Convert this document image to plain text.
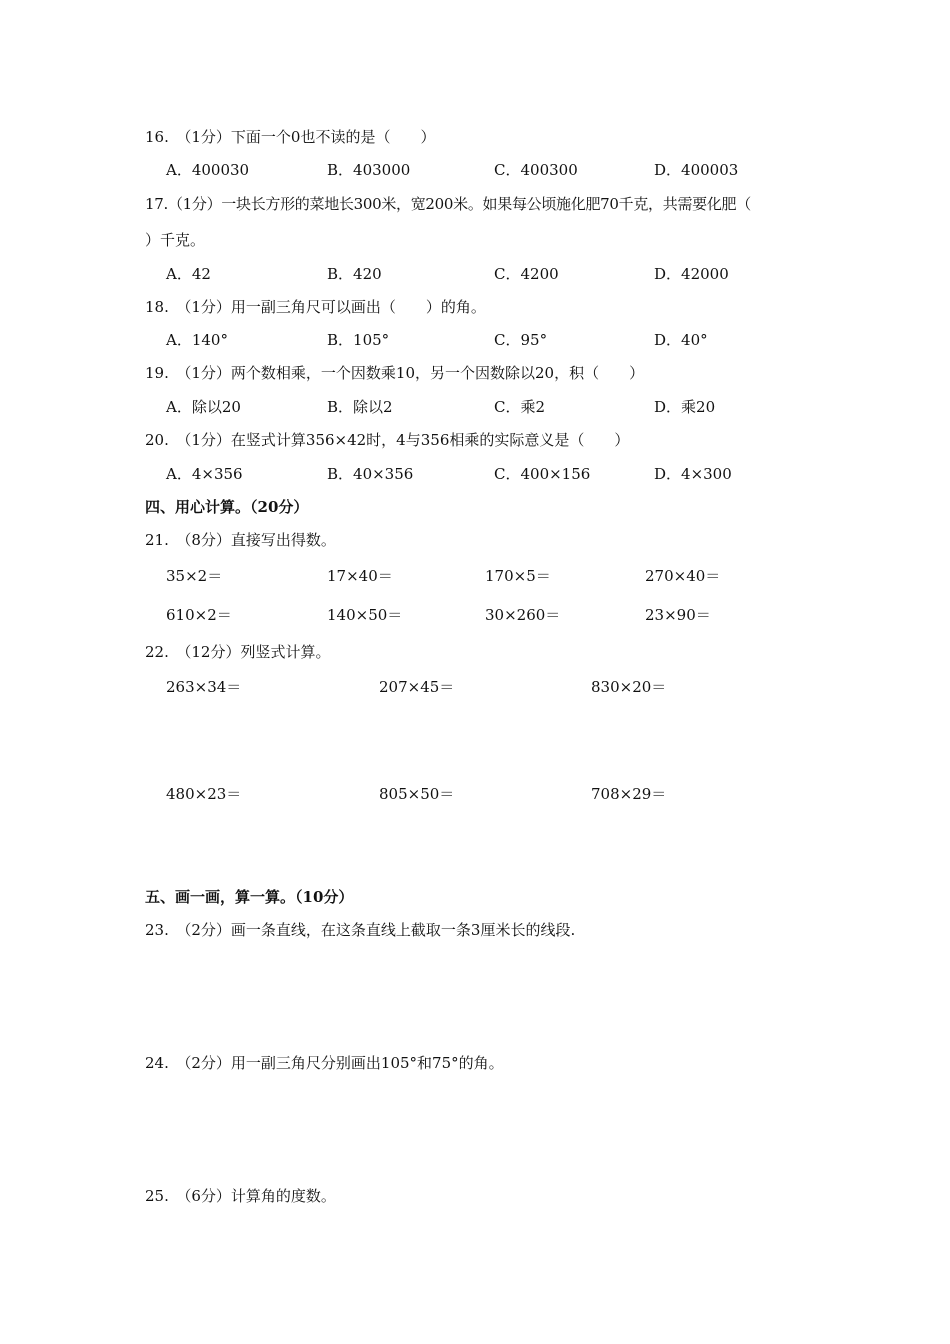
16.　（1分）下面一个0也不读的是（　　）
A．400030	B．403000	C．400300	D．400003
17.（1分）一块长方形的菜地长300米，宽200米。如果每公顷施化肥70千克，共需要化肥（
）千克。
A．42	B．420	C．4200	D．42000
18.　（1分）用一副三角尺可以画出（　　）的角。
A．140°	B．105°	C．95°	D．40°
19.　（1分）两个数相乘，一个因数乘10，另一个因数除以20，积（　　）
A．除以20	B．除以2	C．乘2	D．乘20
20.　（1分）在竖式计算356×42时，4与356相乘的实际意义是（　　）
A．4×356	B．40×356	C．400×156	D．4×300
四、用心计算。（20分）
21.　（8分）直接写出得数。
35×2＝	17×40＝	170×5＝	270×40＝
610×2＝	140×50＝	30×260＝	23×90＝
22.　（12分）列竖式计算。
263×34＝	207×45＝	830×20＝
480×23＝	805×50＝	708×29＝
五、画一画，算一算。（10分）
23.　（2分）画一条直线，在这条直线上截取一条3厘米长的线段.
24.　（2分）用一副三角尺分别画出105°和75°的角。
25.　（6分）计算角的度数。
